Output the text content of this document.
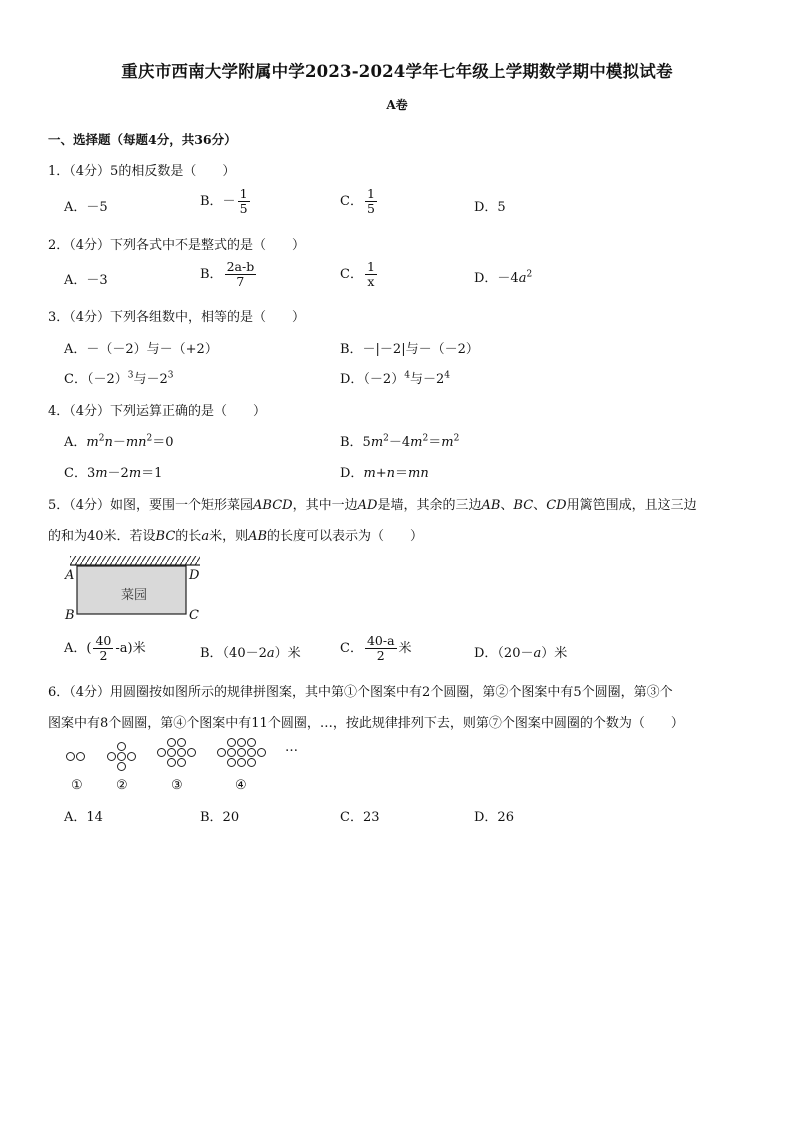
重庆市西南大学附属中学2023-2024学年七年级上学期数学期中模拟试卷
A卷
一、选择题（每题4分，共36分）
1．（4分）5的相反数是（　　）
A．－5	B．－ $\frac{1}{5}$	C． $\frac{1}{5}$	D．5
2．（4分）下列各式中不是整式的是（　　）
A．－3	B． $\frac{2a-b}{7}$	C． $\frac{1}{x}$	D．$-4a^2$
3．（4分）下列各组数中，相等的是（　　）
A．－（－2）与－（+2）	B．－|－2|与－（－2）
C．$(-2)^3$与$-2^3$	D．$(-2)^4$与$-2^4$
4．（4分）下列运算正确的是（　　）
A．$m^2n-mn^2=0$	B．$5m^2-4m^2=m^2$
C．3m－2m＝1	D．m+n＝mn
5．（4分）如图，要围一个矩形菜园ABCD，其中一边AD是墙，其余的三边AB、BC、CD用篱笆围成，且这三边
的和为40米．若设BC的长a米，则AB的长度可以表示为（　　）
A	D
B	C
菜园
A．( $\frac{40}{2} -a$)米	B．（40－2a）米	C． $\frac{40-a}{2}$ 米	D．（20－a）米
6．（4分）用圆圈按如图所示的规律拼图案，其中第①个图案中有2个圆圈，第②个图案中有5个圆圈，第③个
图案中有8个圆圈，第④个图案中有11个圆圈，…，按此规律排列下去，则第⑦个图案中圆圈的个数为（　　）
…
①	②	③	④
A．14	B．20	C．23	D．26
